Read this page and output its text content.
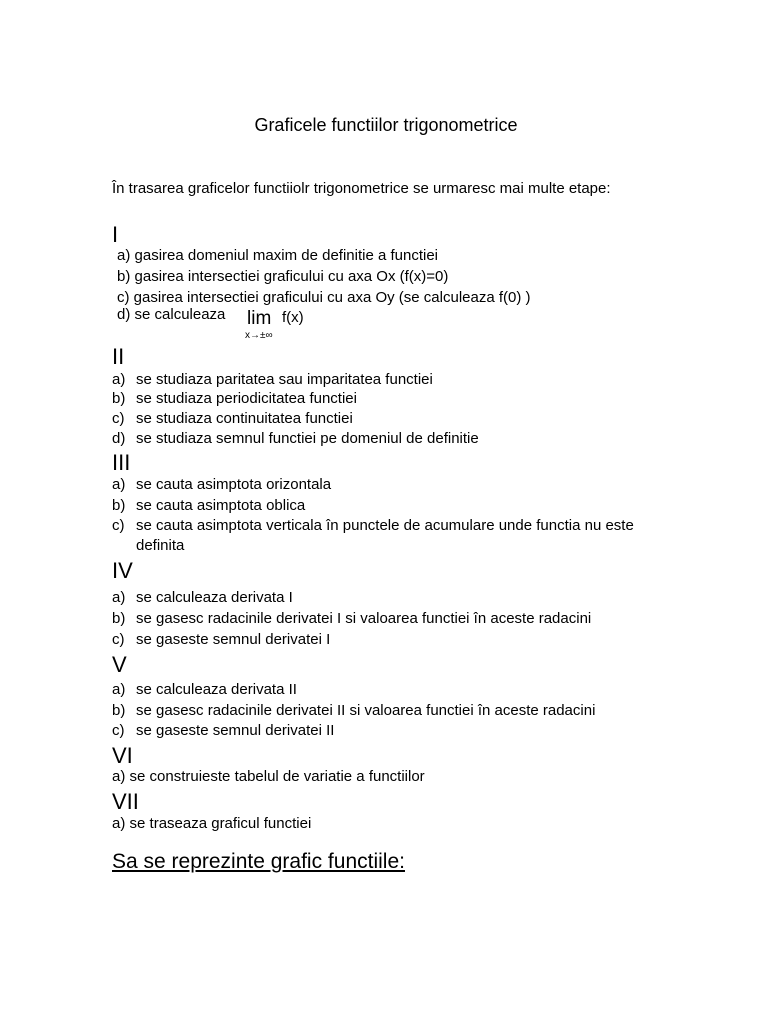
Graficele functiilor trigonometrice
În trasarea graficelor functiiolr trigonometrice se urmaresc mai multe etape:
I
a) gasirea domeniul maxim de definitie a functiei
b) gasirea intersectiei graficului cu axa Ox (f(x)=0)
c) gasirea intersectiei graficului cu axa Oy (se calculeaza f(0) )
d) se calculeaza lim f(x)
x→±∞
II
a) se studiaza paritatea sau imparitatea functiei
b) se studiaza periodicitatea functiei
c) se studiaza continuitatea functiei
d) se studiaza semnul functiei pe domeniul de definitie
III
a) se cauta asimptota orizontala
b) se cauta asimptota oblica
c) se cauta asimptota verticala în punctele de acumulare unde functia nu este
definita
IV
a) se calculeaza derivata I
b) se gasesc radacinile derivatei I si valoarea functiei în aceste radacini
c) se gaseste semnul derivatei I
V
a) se calculeaza derivata II
b) se gasesc radacinile derivatei II si valoarea functiei în aceste radacini
c) se gaseste semnul derivatei II
VI
a) se construieste tabelul de variatie a functiilor
VII
a) se traseaza graficul functiei
Sa se reprezinte grafic functiile:
